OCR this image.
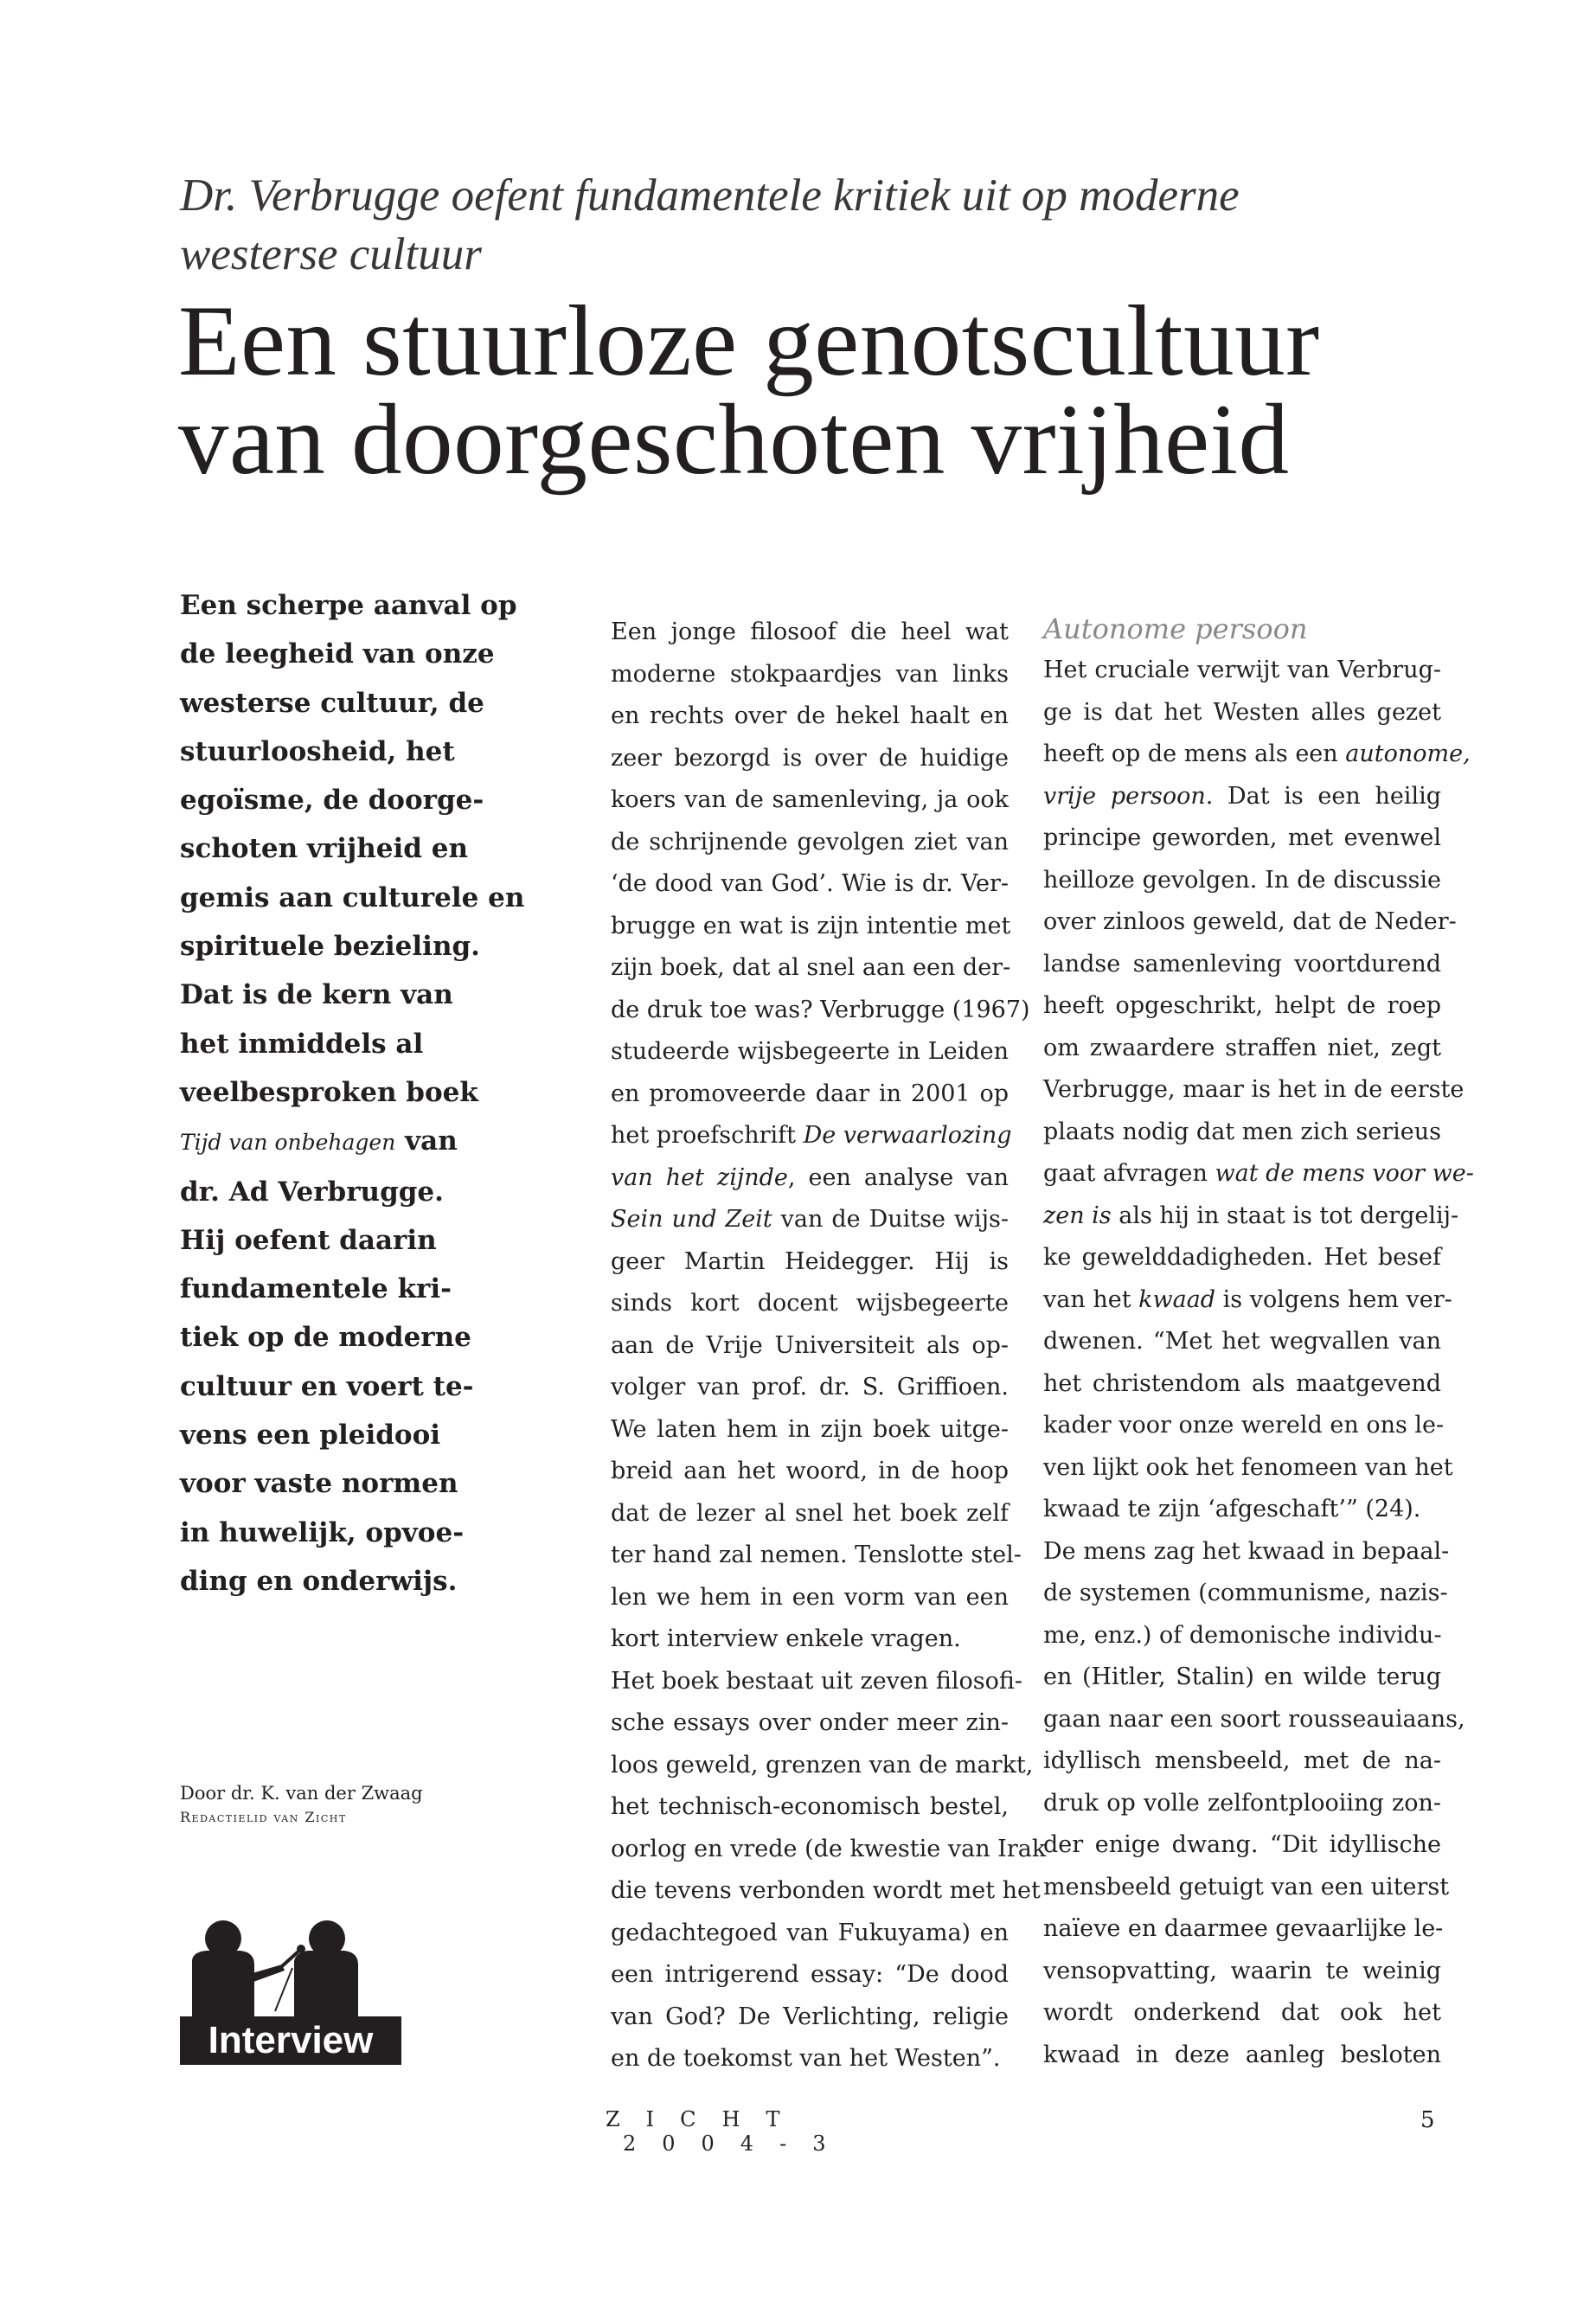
Dr. Verbrugge oefent fundamentele kritiek uit op moderne
westerse cultuur
Een stuurloze genotscultuur
van doorgeschoten vrijheid
Een scherpe aanval op
de leegheid van onze
westerse cultuur, de
stuurloosheid, het
egoïsme, de doorge-
schoten vrijheid en
gemis aan culturele en
spirituele bezieling.
Dat is de kern van
het inmiddels al
veelbesproken boek
Tijd van onbehagen van
dr. Ad Verbrugge.
Hij oefent daarin
fundamentele kri-
tiek op de moderne
cultuur en voert te-
vens een pleidooi
voor vaste normen
in huwelijk, opvoe-
ding en onderwijs.
Door dr. K. van der Zwaag
Redactielid van Zicht
Interview
Een jonge filosoof die heel wat
moderne stokpaardjes van links
en rechts over de hekel haalt en
zeer bezorgd is over de huidige
koers van de samenleving, ja ook
de schrijnende gevolgen ziet van
‘de dood van God’. Wie is dr. Ver-
brugge en wat is zijn intentie met
zijn boek, dat al snel aan een der-
de druk toe was? Verbrugge (1967)
studeerde wijsbegeerte in Leiden
en promoveerde daar in 2001 op
het proefschrift De verwaarlozing
van het zijnde, een analyse van
Sein und Zeit van de Duitse wijs-
geer Martin Heidegger. Hij is
sinds kort docent wijsbegeerte
aan de Vrije Universiteit als op-
volger van prof. dr. S. Griffioen.
We laten hem in zijn boek uitge-
breid aan het woord, in de hoop
dat de lezer al snel het boek zelf
ter hand zal nemen. Tenslotte stel-
len we hem in een vorm van een
kort interview enkele vragen.
Het boek bestaat uit zeven filosofi-
sche essays over onder meer zin-
loos geweld, grenzen van de markt,
het technisch-economisch bestel,
oorlog en vrede (de kwestie van Irak
die tevens verbonden wordt met het
gedachtegoed van Fukuyama) en
een intrigerend essay: “De dood
van God? De Verlichting, religie
en de toekomst van het Westen”.
Autonome persoon
Het cruciale verwijt van Verbrug-
ge is dat het Westen alles gezet
heeft op de mens als een autonome,
vrije persoon. Dat is een heilig
principe geworden, met evenwel
heilloze gevolgen. In de discussie
over zinloos geweld, dat de Neder-
landse samenleving voortdurend
heeft opgeschrikt, helpt de roep
om zwaardere straffen niet, zegt
Verbrugge, maar is het in de eerste
plaats nodig dat men zich serieus
gaat afvragen wat de mens voor we-
zen is als hij in staat is tot dergelij-
ke gewelddadigheden. Het besef
van het kwaad is volgens hem ver-
dwenen. “Met het wegvallen van
het christendom als maatgevend
kader voor onze wereld en ons le-
ven lijkt ook het fenomeen van het
kwaad te zijn ‘afgeschaft’” (24).
De mens zag het kwaad in bepaal-
de systemen (communisme, nazis-
me, enz.) of demonische individu-
en (Hitler, Stalin) en wilde terug
gaan naar een soort rousseauiaans,
idyllisch mensbeeld, met de na-
druk op volle zelfontplooiing zon-
der enige dwang. “Dit idyllische
mensbeeld getuigt van een uiterst
naïeve en daarmee gevaarlijke le-
vensopvatting, waarin te weinig
wordt onderkend dat ook het
kwaad in deze aanleg besloten
ZICHT 2004-3
5
